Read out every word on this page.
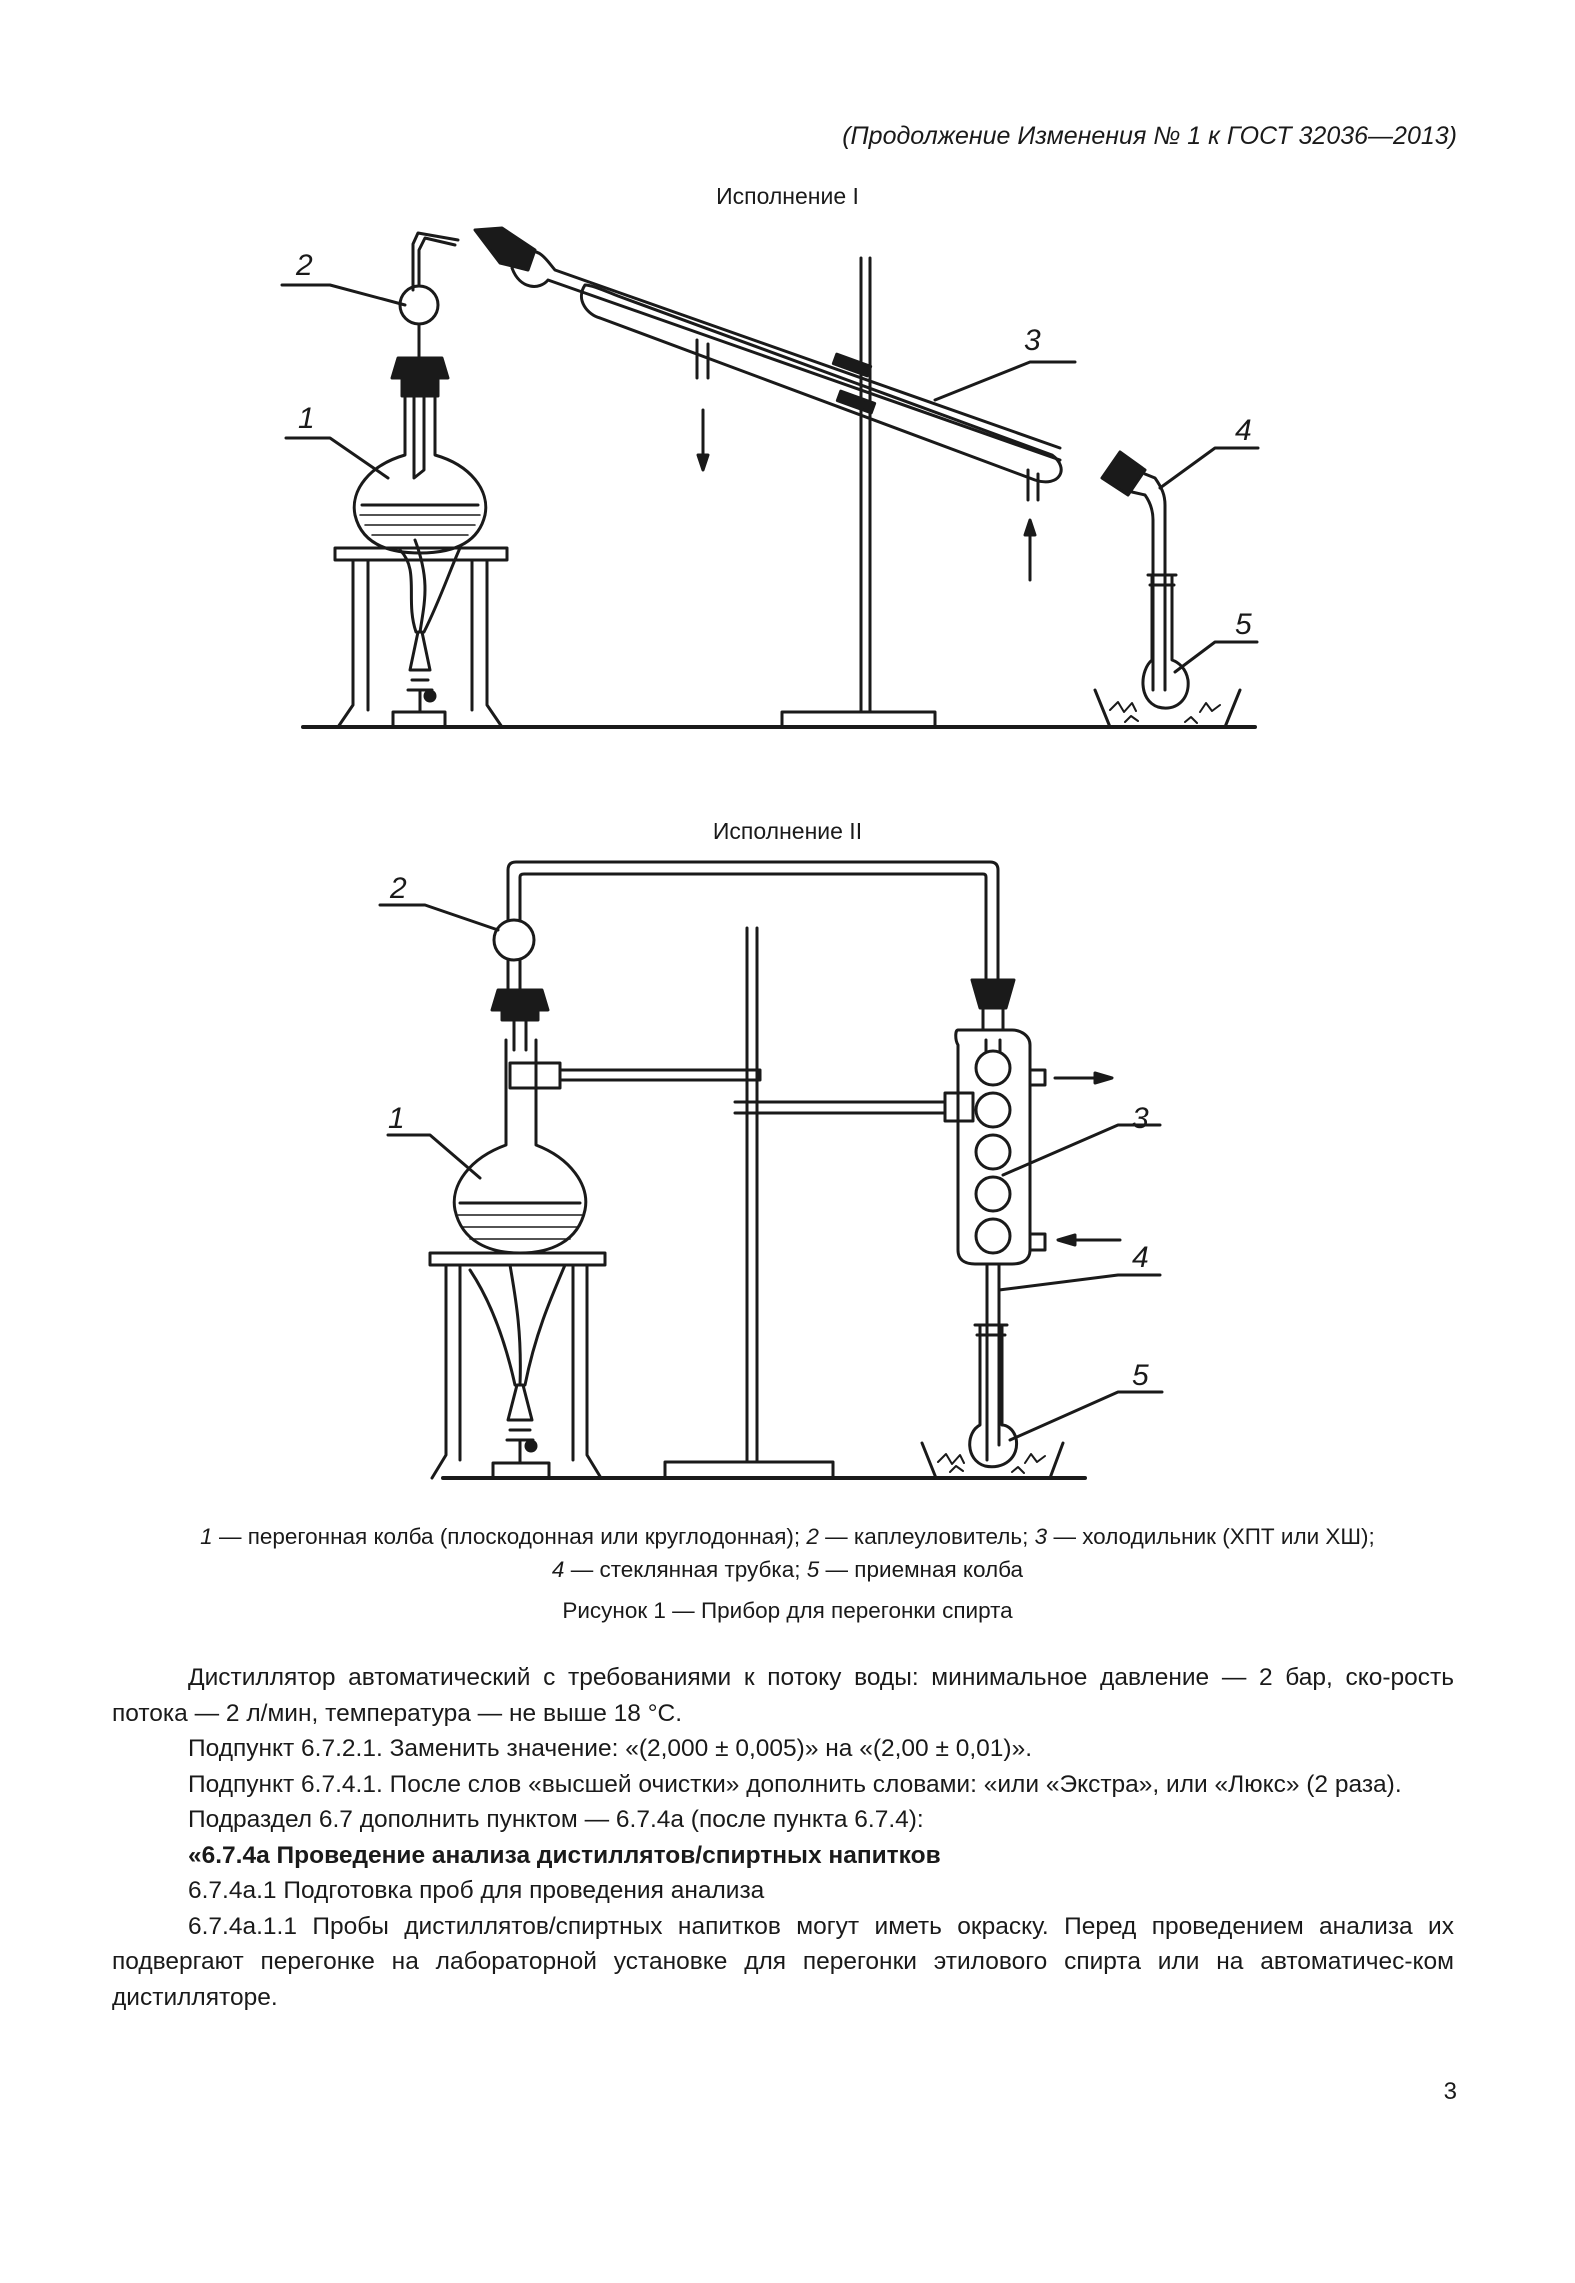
(Продолжение Изменения № 1 к ГОСТ 32036—2013)
Исполнение I
2
1
3
4
5
Исполнение II
2
1	3
4
5
1 — перегонная колба (плоскодонная или круглодонная); 2 — каплеуловитель; 3 — холодильник (ХПТ или ХШ);
4 — стеклянная трубка; 5 — приемная колба
Рисунок 1 — Прибор для перегонки спирта

Дистиллятор автоматический с требованиями к потоку воды: минимальное давление — 2 бар, ско-рость потока — 2 л/мин, температура — не выше 18 °С.

Подпункт 6.7.2.1. Заменить значение: «(2,000 ± 0,005)» на «(2,00 ± 0,01)».

Подпункт 6.7.4.1. После слов «высшей очистки» дополнить словами: «или «Экстра», или «Люкс» (2 раза).

Подраздел 6.7 дополнить пунктом — 6.7.4а (после пункта 6.7.4):

«6.7.4а Проведение анализа дистиллятов/спиртных напитков

6.7.4а.1 Подготовка проб для проведения анализа

6.7.4а.1.1 Пробы дистиллятов/спиртных напитков могут иметь окраску. Перед проведением анализа их подвергают перегонке на лабораторной установке для перегонки этилового спирта или на автоматичес-ком дистилляторе.

3
